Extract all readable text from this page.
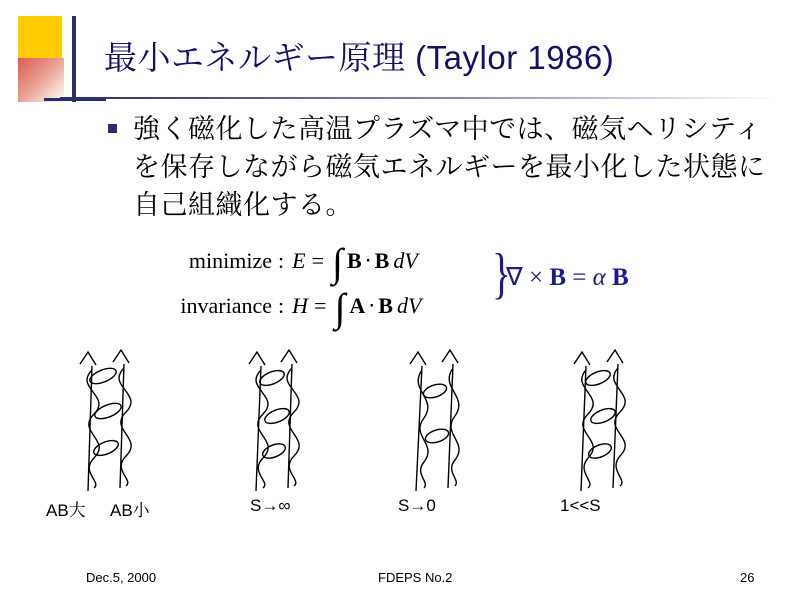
最小エネルギー原理 (Taylor 1986)
強く磁化した高温プラズマ中では、磁気ヘリシティを保存しながら磁気エネルギーを最小化した状態に自己組織化する。
minimize : E = ∫ B ⋅ B dV
invariance : H = ∫ A ⋅ B dV }
∇ × B = α B
AB大	AB小	S→∞	S→0	1<<S
Dec.5, 2000	FDEPS No.2	26
